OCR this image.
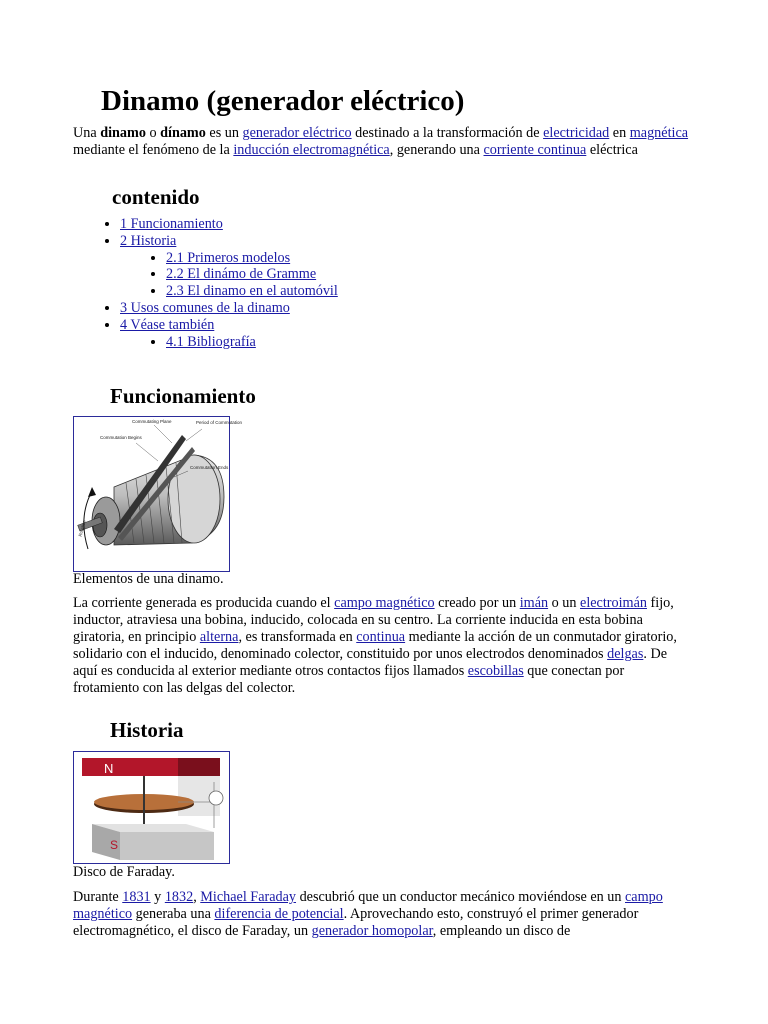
Dinamo (generador eléctrico)

Una dinamo o dínamo es un generador eléctrico destinado a la transformación de electricidad en magnética mediante el fenómeno de la inducción electromagnética, generando una corriente continua eléctrica

contenido
• 1 Funcionamiento
• 2 Historia
• 2.1 Primeros modelos
• 2.2 El dinámo de Gramme
• 2.3 El dinamo en el automóvil
• 3 Usos comunes de la dinamo
• 4 Véase también
• 4.1 Bibliografía
Funcionamiento
Commutating Plane	Period of Commutation
Commutation Begins
Commutation Ends
Rotation
Elementos de una dinamo.

La corriente generada es producida cuando el campo magnético creado por un imán o un electroimán fijo, inductor, atraviesa una bobina, inducido, colocada en su centro. La corriente inducida en esta bobina giratoria, en principio alterna, es transformada en continua mediante la acción de un conmutador giratorio, solidario con el inducido, denominado colector, constituido por unos electrodos denominados delgas. De aquí es conducida al exterior mediante otros contactos fijos llamados escobillas que conectan por frotamiento con las delgas del colector.

Historia
N
S
Disco de Faraday.

Durante 1831 y 1832, Michael Faraday descubrió que un conductor mecánico moviéndose en un campo magnético generaba una diferencia de potencial. Aprovechando esto, construyó el primer generador electromagnético, el disco de Faraday, un generador homopolar, empleando un disco de
